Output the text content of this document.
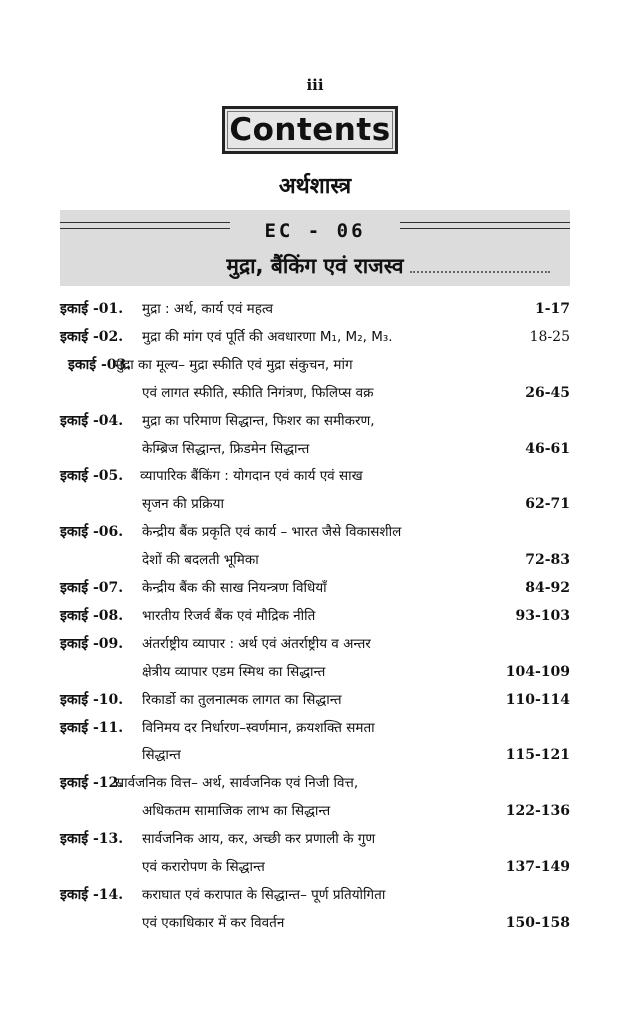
iii
Contents
अर्थशास्त्र
EC - 06
मुद्रा, बैंकिंग एवं राजस्व
इकाई -01. मुद्रा : अर्थ, कार्य एवं महत्व	1-17
इकाई -02. मुद्रा की मांग एवं पूर्ति की अवधारणा M₁, M₂, M₃.	18-25
इकाई -03.
मुद्रा का मूल्य– मुद्रा स्फीति एवं मुद्रा संकुचन, मांग
एवं लागत स्फीति, स्फीति निगंत्रण, फिलिप्स वक्र	26-45
इकाई -04. मुद्रा का परिमाण सिद्धान्त, फिशर का समीकरण,
केम्ब्रिज सिद्धान्त, फ्रिडमेन सिद्धान्त	46-61
इकाई -05. व्यापारिक बैंकिंग : योगदान एवं कार्य एवं साख
सृजन की प्रक्रिया	62-71
इकाई -06. केन्द्रीय बैंक प्रकृति एवं कार्य – भारत जैसे विकासशील
देशों की बदलती भूमिका	72-83
इकाई -07. केन्द्रीय बैंक की साख नियन्त्रण विधियाँ	84-92
इकाई -08. भारतीय रिजर्व बैंक एवं मौद्रिक नीति	93-103
इकाई -09. अंतर्राष्ट्रीय व्यापार : अर्थ एवं अंतर्राष्ट्रीय व अन्तर
क्षेत्रीय व्यापार एडम स्मिथ का सिद्धान्त	104-109
इकाई -10. रिकार्डो का तुलनात्मक लागत का सिद्धान्त	110-114
इकाई -11. विनिमय दर निर्धारण–स्वर्णमान, क्रयशक्ति समता
सिद्धान्त	115-121
इकाई -12.
सार्वजनिक वित्त– अर्थ, सार्वजनिक एवं निजी वित्त,
अधिकतम सामाजिक लाभ का सिद्धान्त	122-136
इकाई -13. सार्वजनिक आय, कर, अच्छी कर प्रणाली के गुण
एवं करारोपण के सिद्धान्त	137-149
इकाई -14. कराघात एवं करापात के सिद्धान्त– पूर्ण प्रतियोगिता
एवं एकाधिकार में कर विवर्तन	150-158
